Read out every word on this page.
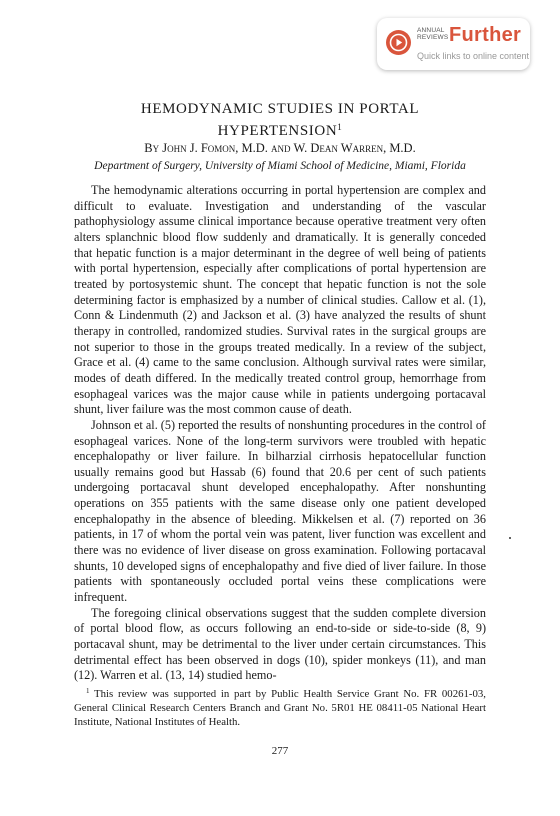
ANNUAL
REVIEWS Further
Quick links to online content
HEMODYNAMIC STUDIES IN PORTAL
HYPERTENSION$^1$
By John J. Fomon, M.D. and W. Dean Warren, M.D.
Department of Surgery, University of Miami School of Medicine, Miami, Florida

The hemodynamic alterations occurring in portal hypertension are complex and difficult to evaluate. Investigation and understanding of the vascular pathophysiology assume clinical importance because operative treatment very often alters splanchnic blood flow suddenly and dramatically. It is generally conceded that hepatic function is a major determinant in the degree of well being of patients with portal hypertension, especially after complications of portal hypertension are treated by portosystemic shunt. The concept that hepatic function is not the sole determining factor is emphasized by a number of clinical studies. Callow et al. (1), Conn & Lindenmuth (2) and Jackson et al. (3) have analyzed the results of shunt therapy in controlled, randomized studies. Survival rates in the surgical groups are not superior to those in the groups treated medically. In a review of the subject, Grace et al. (4) came to the same conclusion. Although survival rates were similar, modes of death differed. In the medically treated control group, hemorrhage from esophageal varices was the major cause while in patients undergoing portacaval shunt, liver failure was the most common cause of death.

Johnson et al. (5) reported the results of nonshunting procedures in the control of esophageal varices. None of the long-term survivors were troubled with hepatic encephalopathy or liver failure. In bilharzial cirrhosis hepatocellular function usually remains good but Hassab (6) found that 20.6 per cent of such patients undergoing portacaval shunt developed encephalopathy. After nonshunting operations on 355 patients with the same disease only one patient developed encephalopathy in the absence of bleeding. Mikkelsen et al. (7) reported on 36 patients, in 17 of whom the portal vein was patent, liver function was excellent and there was no evidence of liver disease on gross examination. Following portacaval shunts, 10 developed signs of encephalopathy and five died of liver failure. In those patients with spontaneously occluded portal veins these complications were infrequent.

The foregoing clinical observations suggest that the sudden complete diversion of portal blood flow, as occurs following an end-to-side or side-to-side (8, 9) portacaval shunt, may be detrimental to the liver under certain circumstances. This detrimental effect has been observed in dogs (10), spider monkeys (11), and man (12). Warren et al. (13, 14) studied hemo-

$^1$ This review was supported in part by Public Health Service Grant No. FR 00261-03, General Clinical Research Centers Branch and Grant No. 5R01 HE 08411-05 National Heart Institute, National Institutes of Health.

277
